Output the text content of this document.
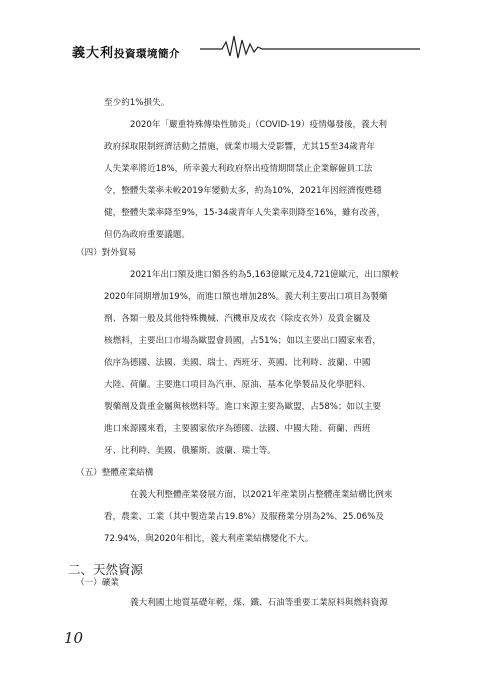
義大利投資環境簡介
至少約1%損失。
2020年「嚴重特殊傳染性肺炎」（COVID-19）疫情爆發後，義大利
政府採取限制經濟活動之措施，就業市場大受影響，尤其15至34歲青年
人失業率將近18%，所幸義大利政府祭出疫情期間禁止企業解僱員工法
令，整體失業率未較2019年變動太多，約為10%，2021年因經濟復甦穩
健，整體失業率降至9%，15-34歲青年人失業率則降至16%，雖有改善，
但仍為政府重要議題。
（四）對外貿易
2021年出口額及進口額各約為5,163億歐元及4,721億歐元，出口額較
2020年同期增加19%，而進口額也增加28%。義大利主要出口項目為製藥
劑、各類一般及其他特殊機械、汽機車及成衣（除皮衣外）及貴金屬及
核燃料，主要出口市場為歐盟會員國，占51%；如以主要出口國家來看，
依序為德國、法國、美國、瑞士、西班牙、英國、比利時、波蘭、中國
大陸、荷蘭。主要進口項目為汽車、原油、基本化學製品及化學肥料、
製藥劑及貴重金屬與核燃料等。進口來源主要為歐盟，占58%；如以主要
進口來源國來看，主要國家依序為德國、法國、中國大陸、荷蘭、西班
牙、比利時、美國、俄羅斯、波蘭、瑞士等。
（五）整體產業結構
在義大利整體產業發展方面，以2021年產業別占整體產業結構比例來
看，農業、工業（其中製造業占19.8%）及服務業分別為2%、25.06%及
72.94%，與2020年相比，義大利產業結構變化不大。
二、天然資源
（一）礦業
義大利國土地質基礎年輕，煤、鐵、石油等重要工業原料與燃料資源
10
